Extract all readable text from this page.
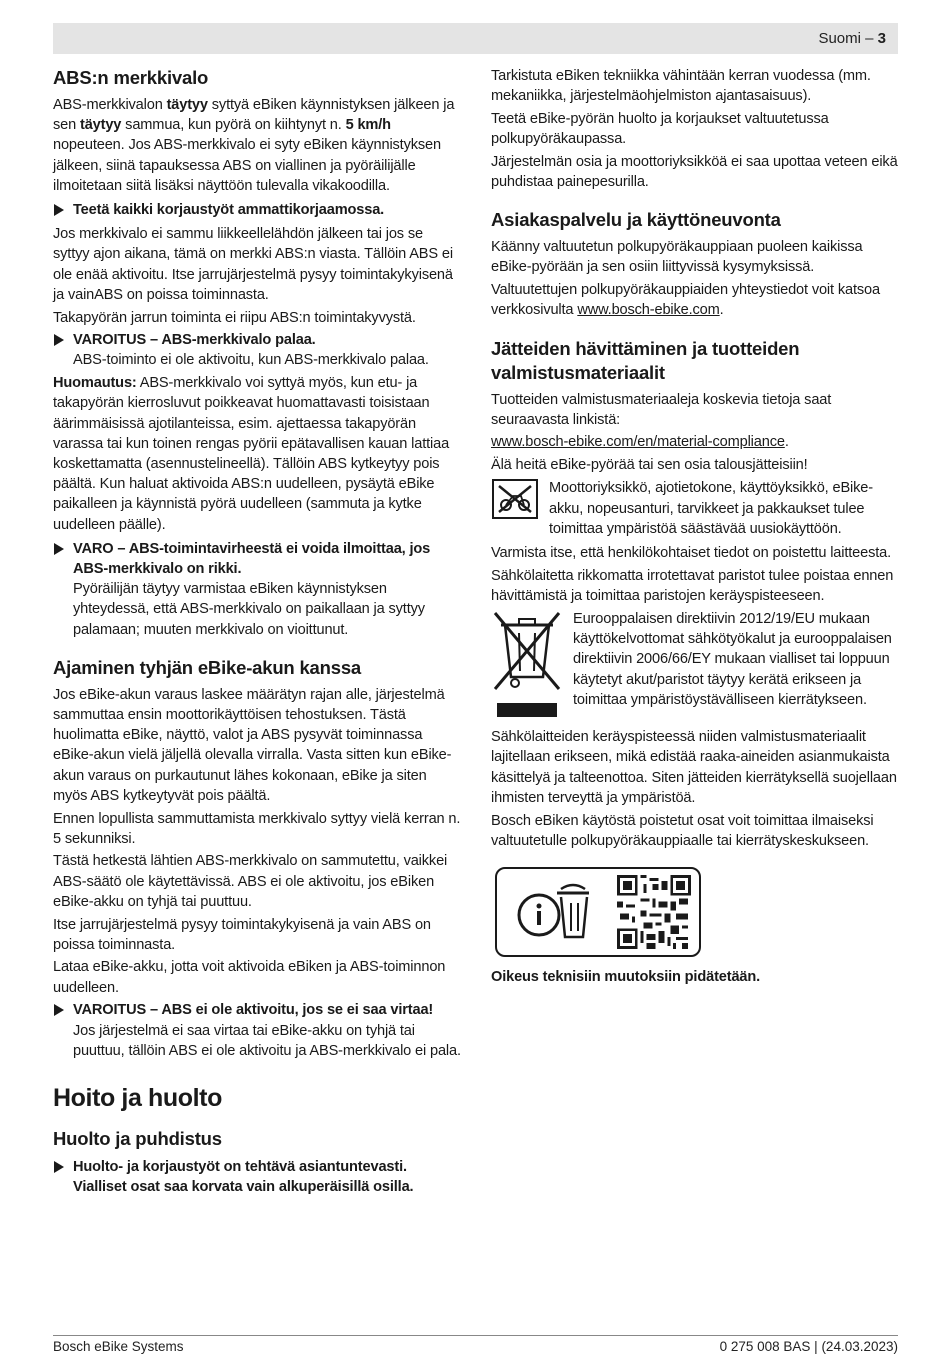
Suomi – 3
ABS:n merkkivalo

ABS-merkkivalon täytyy syttyä eBiken käynnistyksen jälkeen ja sen täytyy sammua, kun pyörä on kiihtynyt n. 5 km/h nopeuteen. Jos ABS-merkkivalo ei syty eBiken käynnistyksen jälkeen, siinä tapauksessa ABS on viallinen ja pyöräilijälle ilmoitetaan siitä lisäksi näyttöön tulevalla vikakoodilla.

Teetä kaikki korjaustyöt ammattikorjaamossa.

Jos merkkivalo ei sammu liikkeellelähdön jälkeen tai jos se syttyy ajon aikana, tämä on merkki ABS:n viasta. Tällöin ABS ei ole enää aktivoitu. Itse jarrujärjestelmä pysyy toimintakykyisenä ja vainABS on poissa toiminnasta.

Takapyörän jarrun toiminta ei riipu ABS:n toimintakyvystä.

VAROITUS – ABS-merkkivalo palaa.
ABS-toiminto ei ole aktivoitu, kun ABS-merkkivalo palaa.

Huomautus: ABS-merkkivalo voi syttyä myös, kun etu- ja takapyörän kierrosluvut poikkeavat huomattavasti toisistaan äärimmäisissä ajotilanteissa, esim. ajettaessa takapyörän varassa tai kun toinen rengas pyörii epätavallisen kauan lattiaa koskettamatta (asennustelineellä). Tällöin ABS kytkeytyy pois päältä. Kun haluat aktivoida ABS:n uudelleen, pysäytä eBike paikalleen ja käynnistä pyörä uudelleen (sammuta ja kytke uudelleen päälle).

VARO – ABS-toimintavirheestä ei voida ilmoittaa, jos ABS-merkkivalo on rikki.
Pyöräilijän täytyy varmistaa eBiken käynnistyksen yhteydessä, että ABS-merkkivalo on paikallaan ja syttyy palamaan; muuten merkkivalo on vioittunut.
Ajaminen tyhjän eBike-akun kanssa

Jos eBike-akun varaus laskee määrätyn rajan alle, järjestelmä sammuttaa ensin moottorikäyttöisen tehostuksen. Tästä huolimatta eBike, näyttö, valot ja ABS pysyvät toiminnassa eBike-akun vielä jäljellä olevalla virralla. Vasta sitten kun eBike-akun varaus on purkautunut lähes kokonaan, eBike ja siten myös ABS kytkeytyvät pois päältä.

Ennen lopullista sammuttamista merkkivalo syttyy vielä kerran n. 5 sekunniksi.

Tästä hetkestä lähtien ABS-merkkivalo on sammutettu, vaikkei ABS-säätö ole käytettävissä. ABS ei ole aktivoitu, jos eBiken eBike-akku on tyhjä tai puuttuu.

Itse jarrujärjestelmä pysyy toimintakykyisenä ja vain ABS on poissa toiminnasta.

Lataa eBike-akku, jotta voit aktivoida eBiken ja ABS-toiminnon uudelleen.

VAROITUS – ABS ei ole aktivoitu, jos se ei saa virtaa!
Jos järjestelmä ei saa virtaa tai eBike-akku on tyhjä tai puuttuu, tällöin ABS ei ole aktivoitu ja ABS-merkkivalo ei pala.
Hoito ja huolto
Huolto ja puhdistus
Huolto- ja korjaustyöt on tehtävä asiantuntevasti. Vialliset osat saa korvata vain alkuperäisillä osilla.

Tarkistuta eBiken tekniikka vähintään kerran vuodessa (mm. mekaniikka, järjestelmäohjelmiston ajantasaisuus).

Teetä eBike-pyörän huolto ja korjaukset valtuutetussa polkupyöräkaupassa.

Järjestelmän osia ja moottoriyksikköä ei saa upottaa veteen eikä puhdistaa painepesurilla.

Asiakaspalvelu ja käyttöneuvonta

Käänny valtuutetun polkupyöräkauppiaan puoleen kaikissa eBike-pyörään ja sen osiin liittyvissä kysymyksissä.

Valtuutettujen polkupyöräkauppiaiden yhteystiedot voit katsoa verkkosivulta www.bosch-ebike.com.

Jätteiden hävittäminen ja tuotteiden valmistusmateriaalit

Tuotteiden valmistusmateriaaleja koskevia tietoja saat seuraavasta linkistä:

www.bosch-ebike.com/en/material-compliance.

Älä heitä eBike-pyörää tai sen osia talousjätteisiin!

Moottoriyksikkö, ajotietokone, käyttöyksikkö, eBike-akku, nopeusanturi, tarvikkeet ja pakkaukset tulee toimittaa ympäristöä säästävää uusiokäyttöön.

Varmista itse, että henkilökohtaiset tiedot on poistettu laitteesta.

Sähkölaitetta rikkomatta irrotettavat paristot tulee poistaa ennen hävittämistä ja toimittaa paristojen keräyspisteeseen.

Eurooppalaisen direktiivin 2012/19/EU mukaan käyttökelvottomat sähkötyökalut ja eurooppalaisen direktiivin 2006/66/EY mukaan vialliset tai loppuun käytetyt akut/paristot täytyy kerätä erikseen ja toimittaa ympäristöystävälliseen kierrätykseen.

Sähkölaitteiden keräyspisteessä niiden valmistusmateriaalit lajitellaan erikseen, mikä edistää raaka-aineiden asianmukaista käsittelyä ja talteenottoa. Siten jätteiden kierrätyksellä suojellaan ihmisten terveyttä ja ympäristöä.

Bosch eBiken käytöstä poistetut osat voit toimittaa ilmaiseksi valtuutetulle polkupyöräkauppiaalle tai kierrätyskeskukseen.

Oikeus teknisiin muutoksiin pidätetään.

Bosch eBike Systems	0 275 008 BAS | (24.03.2023)
